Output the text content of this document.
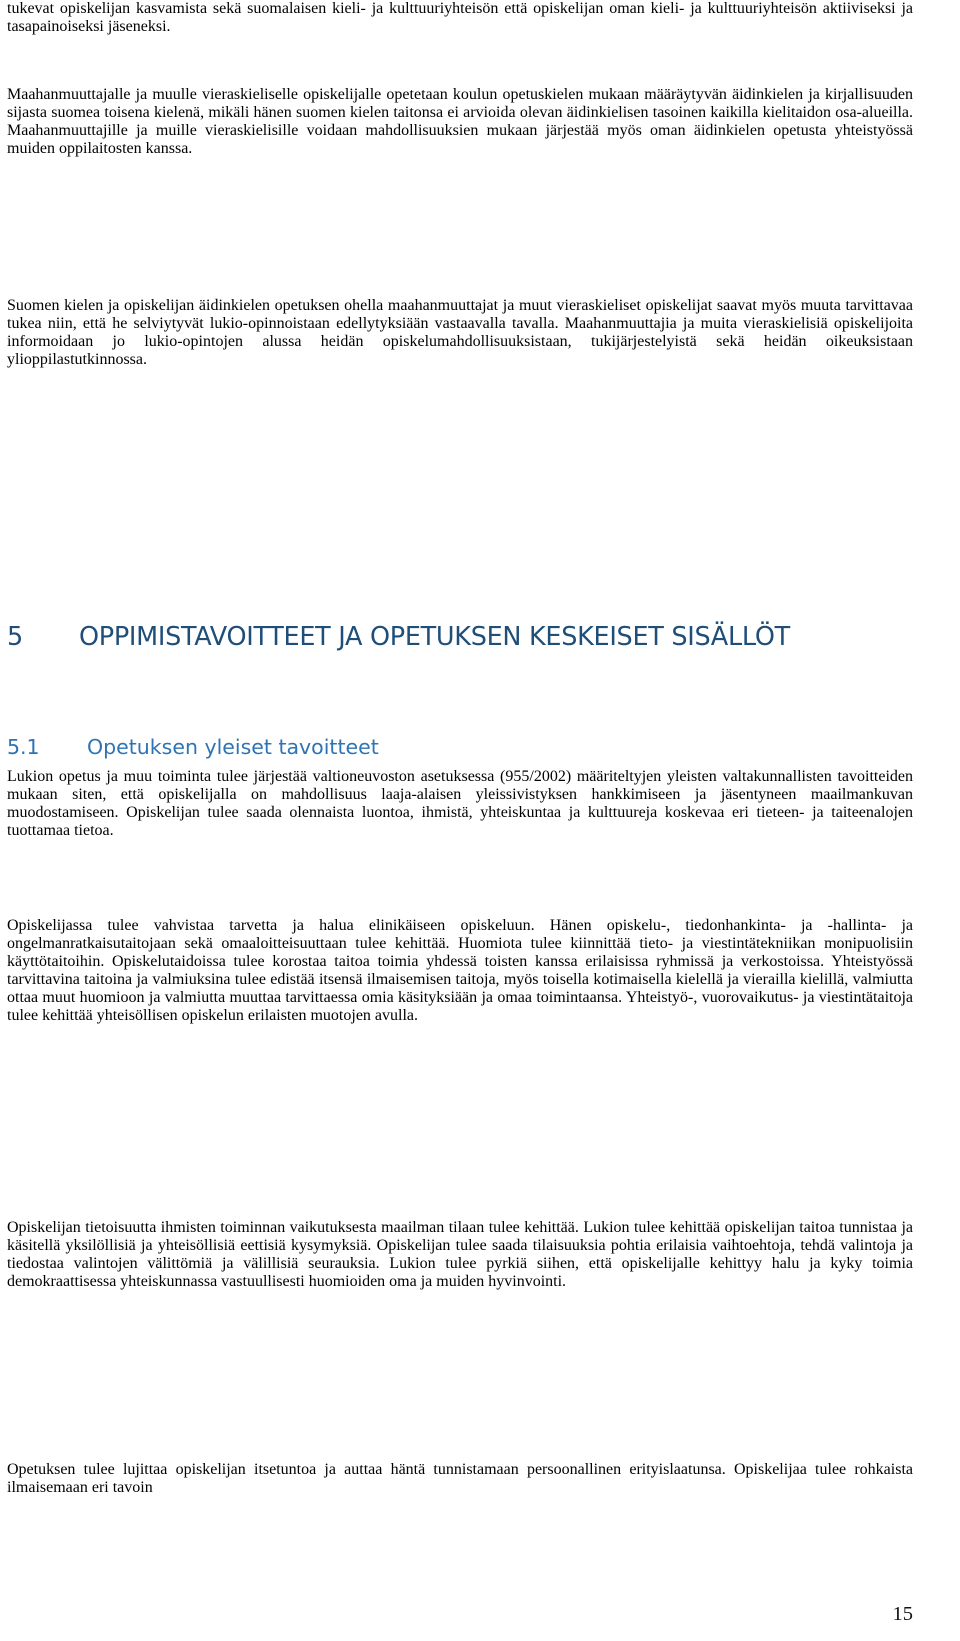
tukevat opiskelijan kasvamista sekä suomalaisen kieli- ja kulttuuriyhteisön että opiskelijan oman kieli- ja kulttuuriyhteisön aktiiviseksi ja tasapainoiseksi jäseneksi.

Maahanmuuttajalle ja muulle vieraskieliselle opiskelijalle opetetaan koulun opetuskielen mukaan määräytyvän äidinkielen ja kirjallisuuden sijasta suomea toisena kielenä, mikäli hänen suomen kielen taitonsa ei arvioida olevan äidinkielisen tasoinen kaikilla kielitaidon osa-alueilla. Maahanmuuttajille ja muille vieraskielisille voidaan mahdollisuuksien mukaan järjestää myös oman äidinkielen opetusta yhteistyössä muiden oppilaitosten kanssa.

Suomen kielen ja opiskelijan äidinkielen opetuksen ohella maahanmuuttajat ja muut vieraskieliset opiskelijat saavat myös muuta tarvittavaa tukea niin, että he selviytyvät lukio-opinnoistaan edellytyksiään vastaavalla tavalla. Maahanmuuttajia ja muita vieraskielisiä opiskelijoita informoidaan jo lukio-opintojen alussa heidän opiskelumahdollisuuksistaan, tukijärjestelyistä sekä heidän oikeuksistaan ylioppilastutkinnossa.

5 OPPIMISTAVOITTEET JA OPETUKSEN KESKEISET SISÄLLÖT
5.1 Opetuksen yleiset tavoitteet

Lukion opetus ja muu toiminta tulee järjestää valtioneuvoston asetuksessa (955/2002) määriteltyjen yleisten valtakunnallisten tavoitteiden mukaan siten, että opiskelijalla on mahdollisuus laaja-alaisen yleissivistyksen hankkimiseen ja jäsentyneen maailmankuvan muodostamiseen. Opiskelijan tulee saada olennaista luontoa, ihmistä, yhteiskuntaa ja kulttuureja koskevaa eri tieteen- ja taiteenalojen tuottamaa tietoa.

Opiskelijassa tulee vahvistaa tarvetta ja halua elinikäiseen opiskeluun. Hänen opiskelu-, tiedonhankinta- ja -hallinta- ja ongelmanratkaisutaitojaan sekä omaaloitteisuuttaan tulee kehittää. Huomiota tulee kiinnittää tieto- ja viestintätekniikan monipuolisiin käyttötaitoihin. Opiskelutaidoissa tulee korostaa taitoa toimia yhdessä toisten kanssa erilaisissa ryhmissä ja verkostoissa. Yhteistyössä tarvittavina taitoina ja valmiuksina tulee edistää itsensä ilmaisemisen taitoja, myös toisella kotimaisella kielellä ja vierailla kielillä, valmiutta ottaa muut huomioon ja valmiutta muuttaa tarvittaessa omia käsityksiään ja omaa toimintaansa. Yhteistyö-, vuorovaikutus- ja viestintätaitoja tulee kehittää yhteisöllisen opiskelun erilaisten muotojen avulla.

Opiskelijan tietoisuutta ihmisten toiminnan vaikutuksesta maailman tilaan tulee kehittää. Lukion tulee kehittää opiskelijan taitoa tunnistaa ja käsitellä yksilöllisiä ja yhteisöllisiä eettisiä kysymyksiä. Opiskelijan tulee saada tilaisuuksia pohtia erilaisia vaihtoehtoja, tehdä valintoja ja tiedostaa valintojen välittömiä ja välillisiä seurauksia. Lukion tulee pyrkiä siihen, että opiskelijalle kehittyy halu ja kyky toimia demokraattisessa yhteiskunnassa vastuullisesti huomioiden oma ja muiden hyvinvointi.

Opetuksen tulee lujittaa opiskelijan itsetuntoa ja auttaa häntä tunnistamaan persoonallinen erityislaatunsa. Opiskelijaa tulee rohkaista ilmaisemaan eri tavoin

15
